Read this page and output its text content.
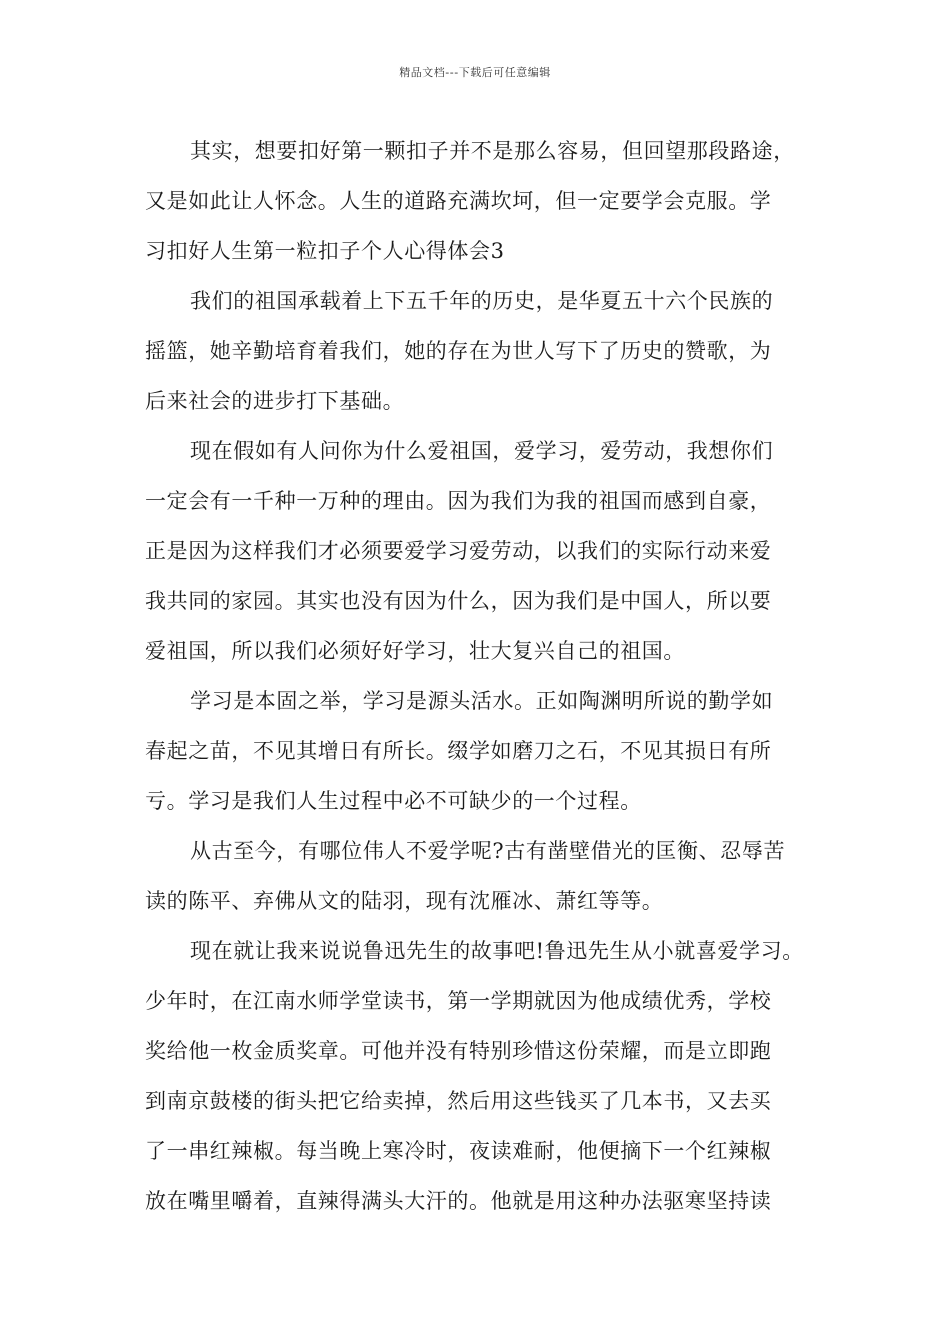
精品文档---下载后可任意编辑
其实，想要扣好第一颗扣子并不是那么容易，但回望那段路途，
又是如此让人怀念。人生的道路充满坎坷，但一定要学会克服。学
习扣好人生第一粒扣子个人心得体会3
我们的祖国承载着上下五千年的历史，是华夏五十六个民族的
摇篮，她辛勤培育着我们，她的存在为世人写下了历史的赞歌，为
后来社会的进步打下基础。
现在假如有人问你为什么爱祖国，爱学习，爱劳动，我想你们
一定会有一千种一万种的理由。因为我们为我的祖国而感到自豪，
正是因为这样我们才必须要爱学习爱劳动，以我们的实际行动来爱
我共同的家园。其实也没有因为什么，因为我们是中国人，所以要
爱祖国，所以我们必须好好学习，壮大复兴自己的祖国。
学习是本固之举，学习是源头活水。正如陶渊明所说的勤学如
春起之苗，不见其增日有所长。缀学如磨刀之石，不见其损日有所
亏。学习是我们人生过程中必不可缺少的一个过程。
从古至今，有哪位伟人不爱学呢?古有凿壁借光的匡衡、忍辱苦
读的陈平、弃佛从文的陆羽，现有沈雁冰、萧红等等。
现在就让我来说说鲁迅先生的故事吧!鲁迅先生从小就喜爱学习。
少年时，在江南水师学堂读书，第一学期就因为他成绩优秀，学校
奖给他一枚金质奖章。可他并没有特别珍惜这份荣耀，而是立即跑
到南京鼓楼的街头把它给卖掉，然后用这些钱买了几本书，又去买
了一串红辣椒。每当晚上寒冷时，夜读难耐，他便摘下一个红辣椒
放在嘴里嚼着，直辣得满头大汗的。他就是用这种办法驱寒坚持读
